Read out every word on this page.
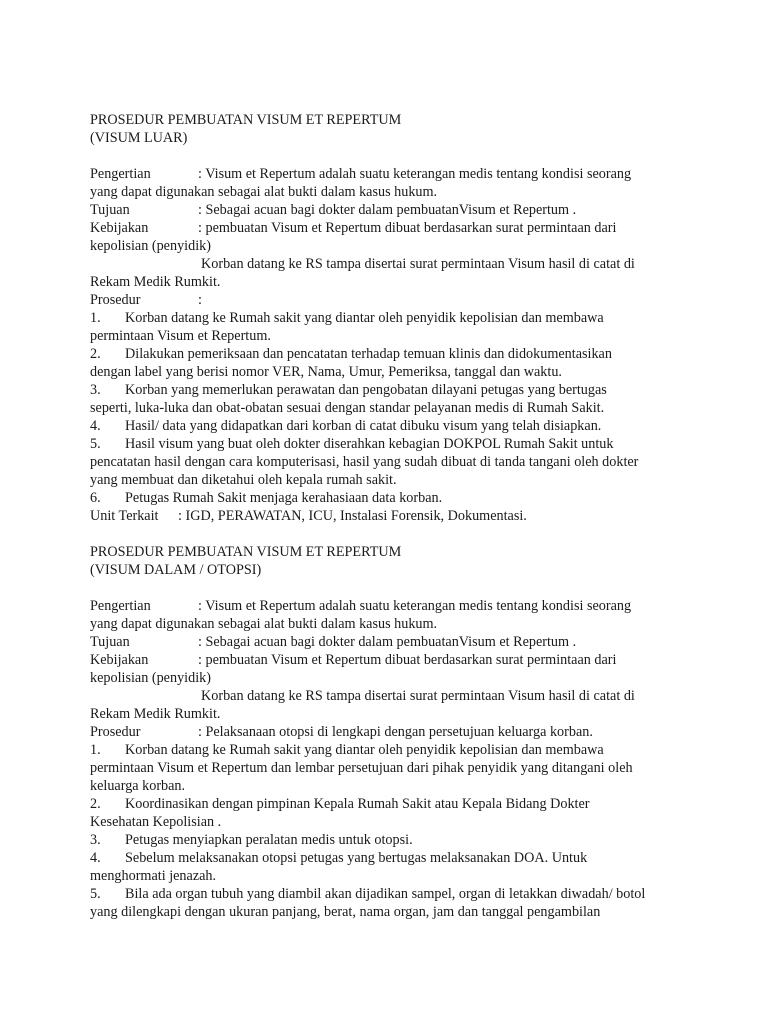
PROSEDUR PEMBUATAN VISUM ET REPERTUM
(VISUM LUAR)
Pengertian	: Visum et Repertum adalah suatu keterangan medis tentang kondisi seorang
yang dapat digunakan sebagai alat bukti dalam kasus hukum.
Tujuan	: Sebagai acuan bagi dokter dalam pembuatanVisum et Repertum .
Kebijakan	: pembuatan Visum et Repertum dibuat berdasarkan surat permintaan dari
kepolisian (penyidik)
Korban datang ke RS tampa disertai surat permintaan Visum hasil di catat di
Rekam Medik Rumkit.
Prosedur	:
1. Korban datang ke Rumah sakit yang diantar oleh penyidik kepolisian dan membawa
permintaan Visum et Repertum.
2. Dilakukan pemeriksaan dan pencatatan terhadap temuan klinis dan didokumentasikan
dengan label yang berisi nomor VER, Nama, Umur, Pemeriksa, tanggal dan waktu.
3. Korban yang memerlukan perawatan dan pengobatan dilayani petugas yang bertugas
seperti, luka-luka dan obat-obatan sesuai dengan standar pelayanan medis di Rumah Sakit.
4. Hasil/ data yang didapatkan dari korban di catat dibuku visum yang telah disiapkan.
5. Hasil visum yang buat oleh dokter diserahkan kebagian DOKPOL Rumah Sakit untuk
pencatatan hasil dengan cara komputerisasi, hasil yang sudah dibuat di tanda tangani oleh dokter
yang membuat dan diketahui oleh kepala rumah sakit.
6. Petugas Rumah Sakit menjaga kerahasiaan data korban.
Unit Terkait : IGD, PERAWATAN, ICU, Instalasi Forensik, Dokumentasi.
PROSEDUR PEMBUATAN VISUM ET REPERTUM
(VISUM DALAM / OTOPSI)
Pengertian	: Visum et Repertum adalah suatu keterangan medis tentang kondisi seorang
yang dapat digunakan sebagai alat bukti dalam kasus hukum.
Tujuan	: Sebagai acuan bagi dokter dalam pembuatanVisum et Repertum .
Kebijakan	: pembuatan Visum et Repertum dibuat berdasarkan surat permintaan dari
kepolisian (penyidik)
Korban datang ke RS tampa disertai surat permintaan Visum hasil di catat di
Rekam Medik Rumkit.
Prosedur	: Pelaksanaan otopsi di lengkapi dengan persetujuan keluarga korban.
1. Korban datang ke Rumah sakit yang diantar oleh penyidik kepolisian dan membawa
permintaan Visum et Repertum dan lembar persetujuan dari pihak penyidik yang ditangani oleh
keluarga korban.
2. Koordinasikan dengan pimpinan Kepala Rumah Sakit atau Kepala Bidang Dokter
Kesehatan Kepolisian .
3. Petugas menyiapkan peralatan medis untuk otopsi.
4. Sebelum melaksanakan otopsi petugas yang bertugas melaksanakan DOA. Untuk
menghormati jenazah.
5. Bila ada organ tubuh yang diambil akan dijadikan sampel, organ di letakkan diwadah/ botol
yang dilengkapi dengan ukuran panjang, berat, nama organ, jam dan tanggal pengambilan
